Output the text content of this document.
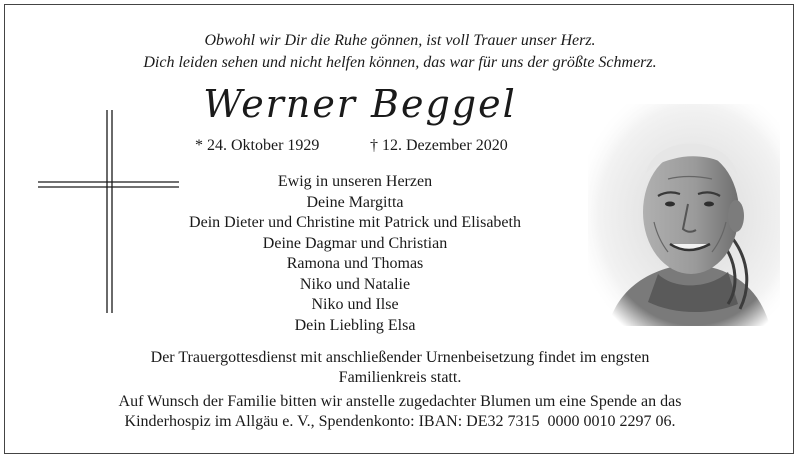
Obwohl wir Dir die Ruhe gönnen, ist voll Trauer unser Herz.
Dich leiden sehen und nicht helfen können, das war für uns der größte Schmerz.
Werner Beggel
* 24. Oktober 1929	† 12. Dezember 2020
Ewig in unseren Herzen
Deine Margitta
Dein Dieter und Christine mit Patrick und Elisabeth
Deine Dagmar und Christian
Ramona und Thomas
Niko und Natalie
Niko und Ilse
Dein Liebling Elsa
Der Trauergottesdienst mit anschließender Urnenbeisetzung findet im engsten
Familienkreis statt.
Auf Wunsch der Familie bitten wir anstelle zugedachter Blumen um eine Spende an das
Kinderhospiz im Allgäu e. V., Spendenkonto: IBAN: DE32 7315  0000 0010 2297 06.
